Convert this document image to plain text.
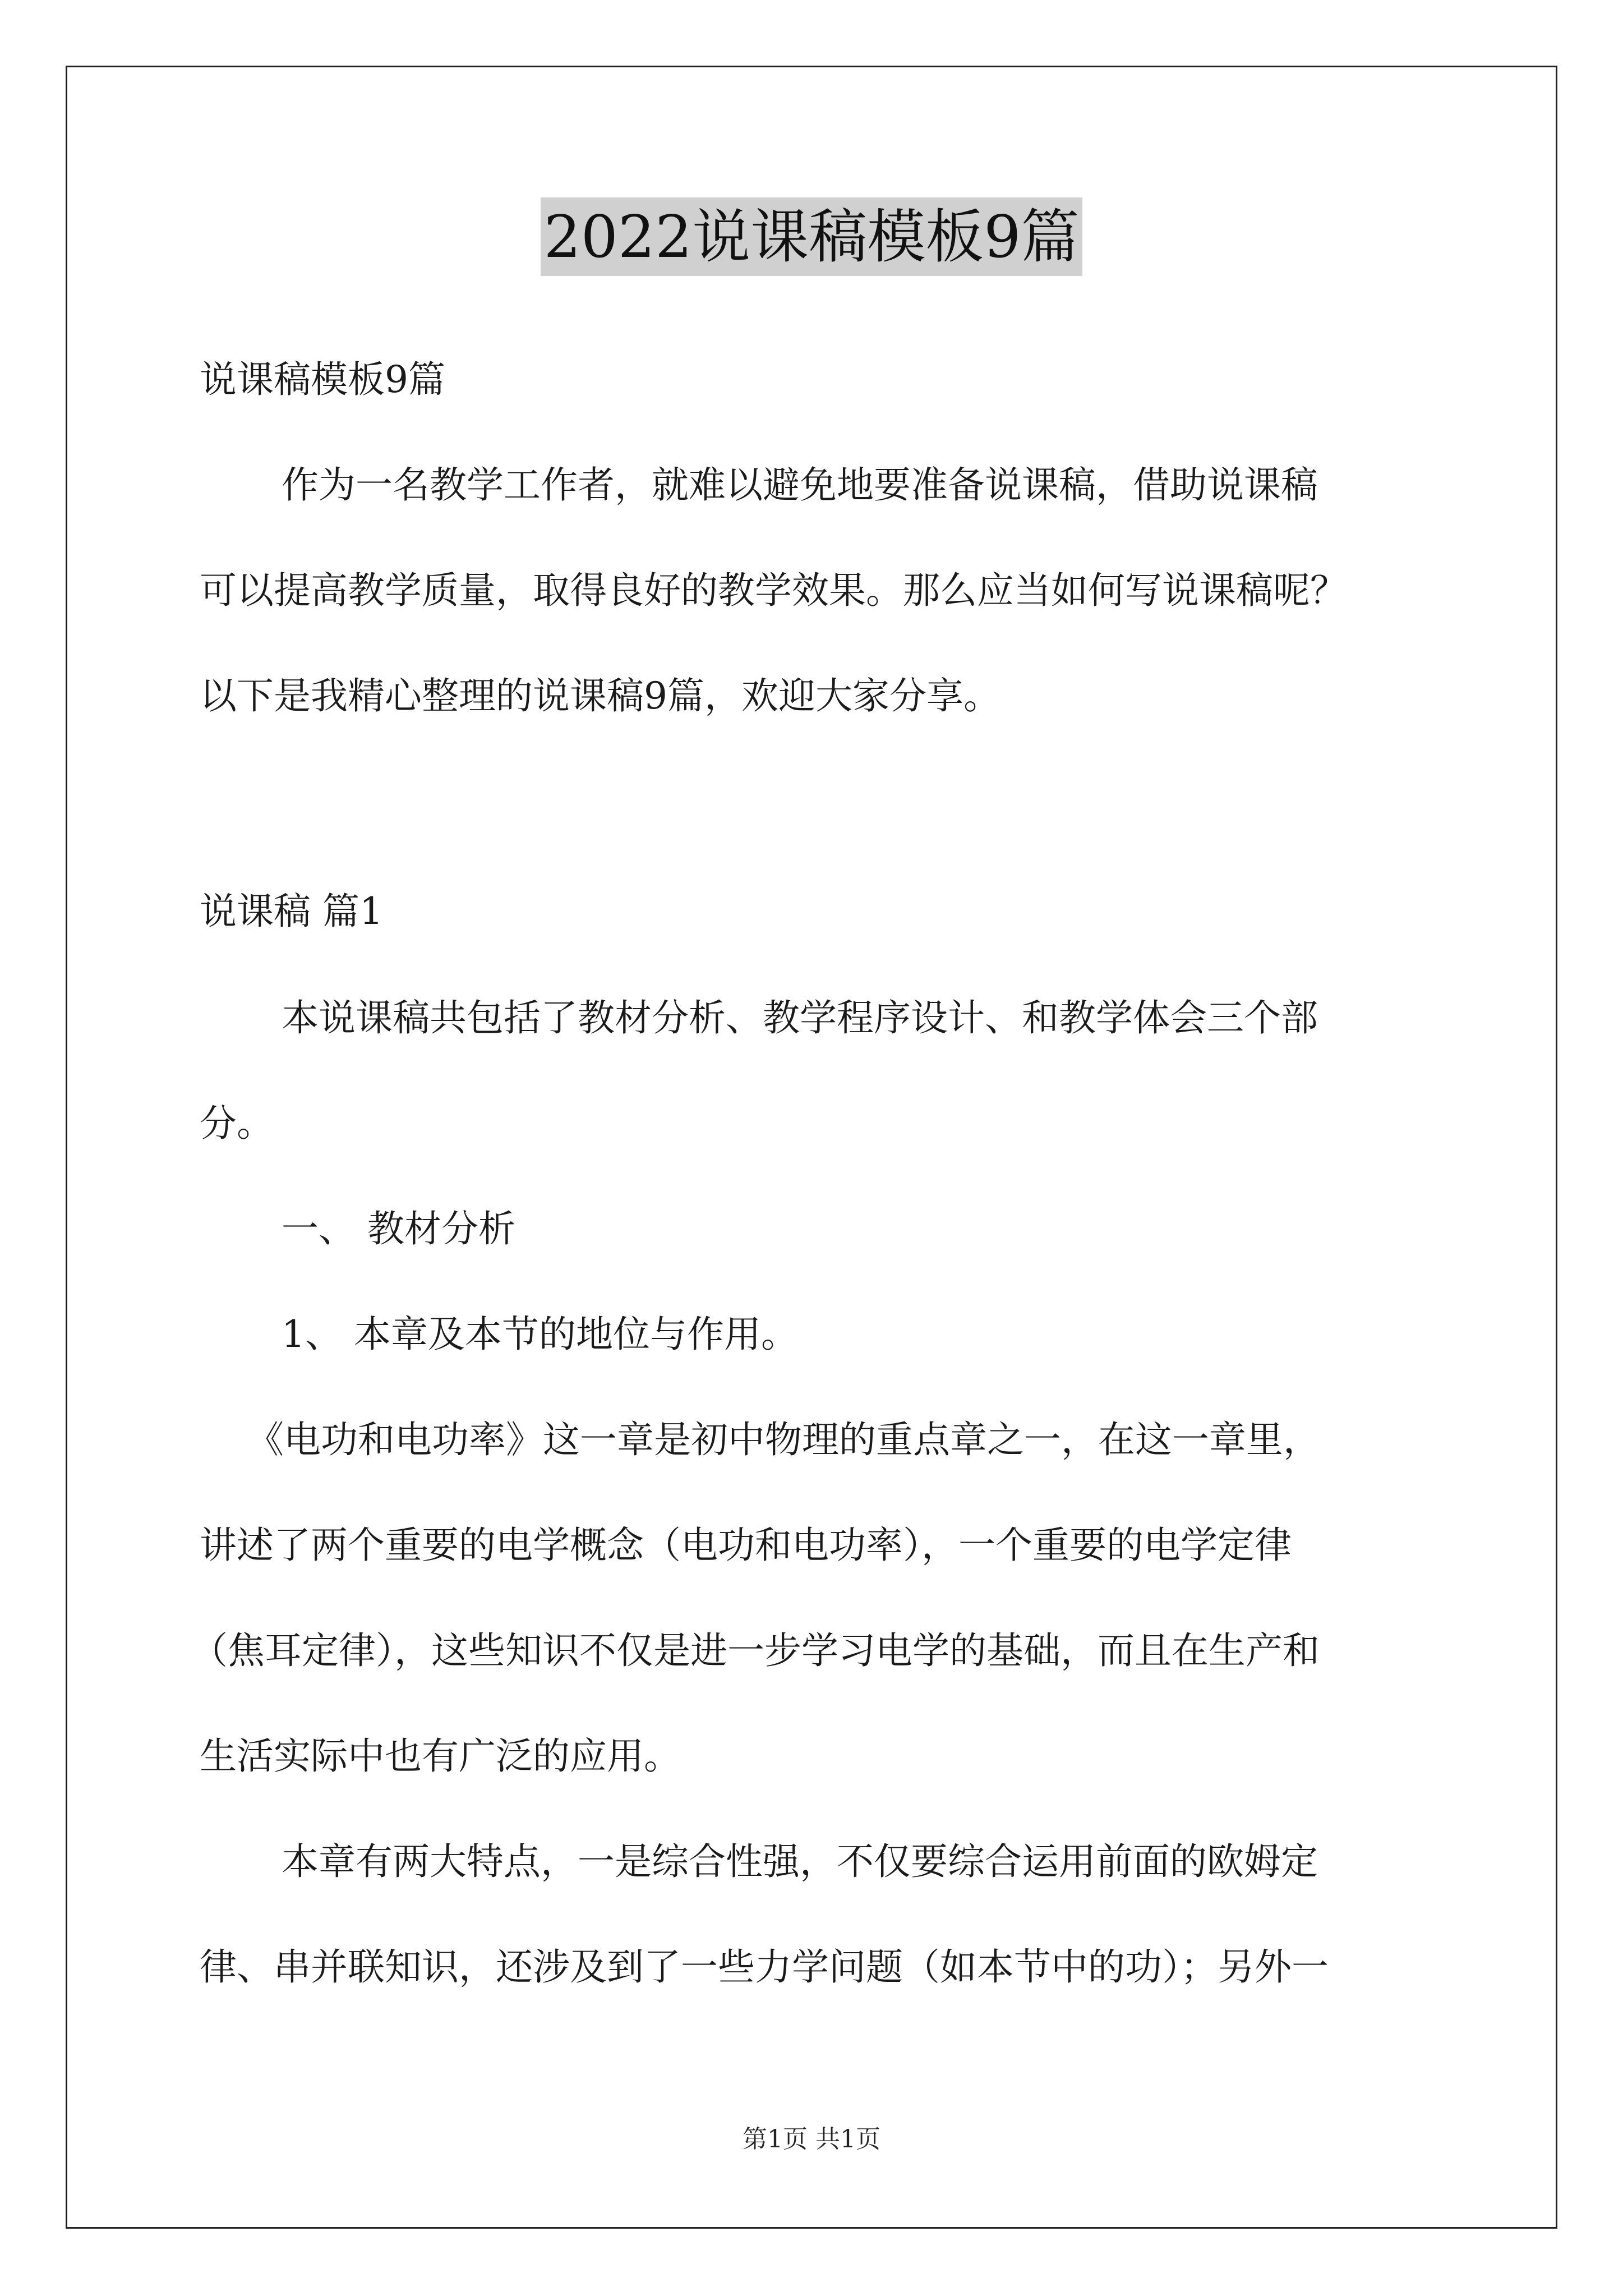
2022说课稿模板9篇
说课稿模板9篇
作为一名教学工作者，就难以避免地要准备说课稿，借助说课稿
可以提高教学质量，取得良好的教学效果。那么应当如何写说课稿呢？
以下是我精心整理的说课稿9篇，欢迎大家分享。
说课稿 篇1
本说课稿共包括了教材分析、教学程序设计、和教学体会三个部
分。
一、 教材分析
1、 本章及本节的地位与作用。
《电功和电功率》这一章是初中物理的重点章之一，在这一章里，
讲述了两个重要的电学概念（电功和电功率），一个重要的电学定律
（焦耳定律），这些知识不仅是进一步学习电学的基础，而且在生产和
生活实际中也有广泛的应用。
本章有两大特点，一是综合性强，不仅要综合运用前面的欧姆定
律、串并联知识，还涉及到了一些力学问题（如本节中的功）；另外一
第1页 共1页
